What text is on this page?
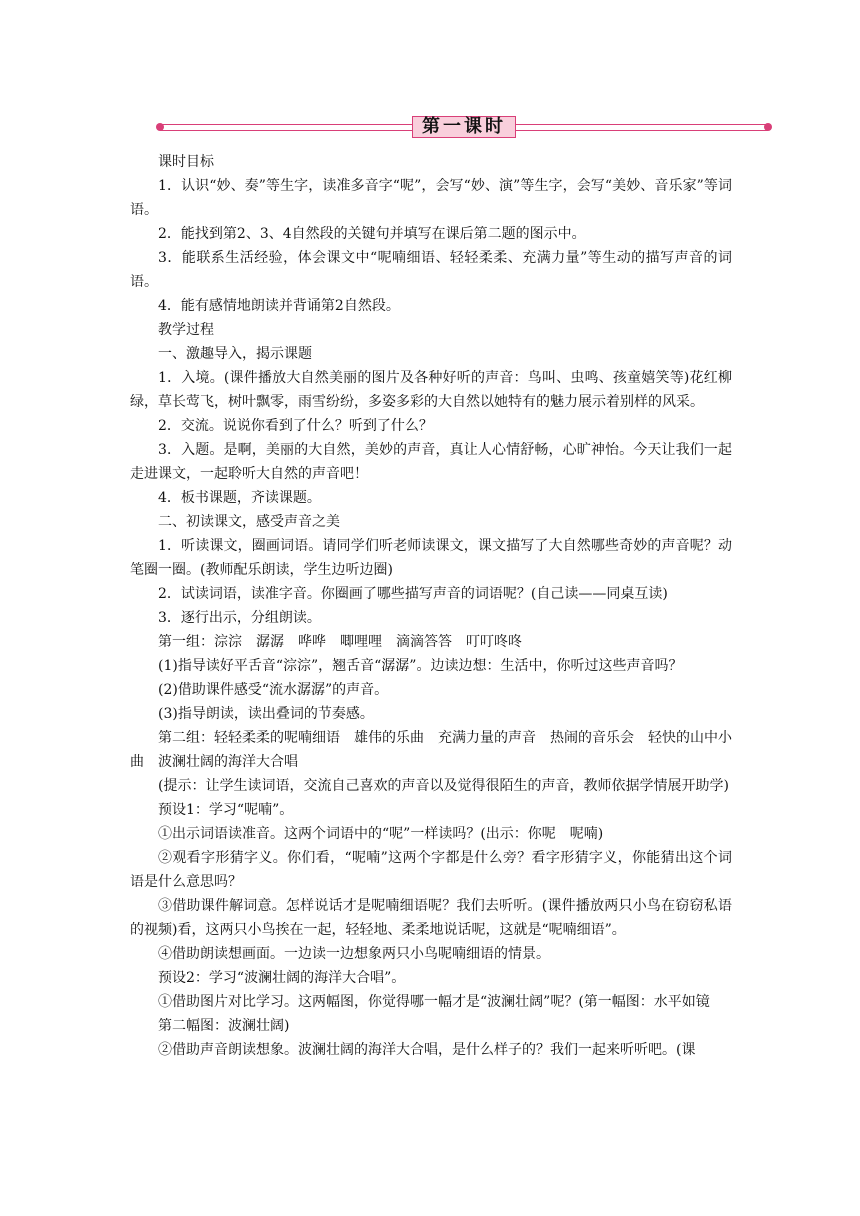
第一课时

课时目标

1．认识“妙、奏”等生字，读准多音字“呢”，会写“妙、演”等生字，会写“美妙、音乐家”等词语。

2．能找到第2、3、4自然段的关键句并填写在课后第二题的图示中。

3．能联系生活经验，体会课文中“呢喃细语、轻轻柔柔、充满力量”等生动的描写声音的词语。

4．能有感情地朗读并背诵第2自然段。

教学过程

一、激趣导入，揭示课题

1．入境。(课件播放大自然美丽的图片及各种好听的声音：鸟叫、虫鸣、孩童嬉笑等)花红柳绿，草长莺飞，树叶飘零，雨雪纷纷，多姿多彩的大自然以她特有的魅力展示着别样的风采。

2．交流。说说你看到了什么？听到了什么？

3．入题。是啊，美丽的大自然，美妙的声音，真让人心情舒畅，心旷神怡。今天让我们一起走进课文，一起聆听大自然的声音吧！

4．板书课题，齐读课题。

二、初读课文，感受声音之美

1．听读课文，圈画词语。请同学们听老师读课文，课文描写了大自然哪些奇妙的声音呢？动笔圈一圈。(教师配乐朗读，学生边听边圈)

2．试读词语，读准字音。你圈画了哪些描写声音的词语呢？(自己读——同桌互读)

3．逐行出示，分组朗读。

第一组：淙淙　潺潺　哗哗　唧哩哩　滴滴答答　叮叮咚咚

(1)指导读好平舌音“淙淙”，翘舌音“潺潺”。边读边想：生活中，你听过这些声音吗？

(2)借助课件感受“流水潺潺”的声音。

(3)指导朗读，读出叠词的节奏感。

第二组：轻轻柔柔的呢喃细语　雄伟的乐曲　充满力量的声音　热闹的音乐会　轻快的山中小曲　波澜壮阔的海洋大合唱

(提示：让学生读词语，交流自己喜欢的声音以及觉得很陌生的声音，教师依据学情展开助学)

预设1：学习“呢喃”。

①出示词语读准音。这两个词语中的“呢”一样读吗？(出示：你呢　呢喃)

②观看字形猜字义。你们看，“呢喃”这两个字都是什么旁？看字形猜字义，你能猜出这个词语是什么意思吗？

③借助课件解词意。怎样说话才是呢喃细语呢？我们去听听。(课件播放两只小鸟在窃窃私语的视频)看，这两只小鸟挨在一起，轻轻地、柔柔地说话呢，这就是“呢喃细语”。

④借助朗读想画面。一边读一边想象两只小鸟呢喃细语的情景。

预设2：学习“波澜壮阔的海洋大合唱”。

①借助图片对比学习。这两幅图，你觉得哪一幅才是“波澜壮阔”呢？(第一幅图：水平如镜

第二幅图：波澜壮阔)

②借助声音朗读想象。波澜壮阔的海洋大合唱，是什么样子的？我们一起来听听吧。(课
